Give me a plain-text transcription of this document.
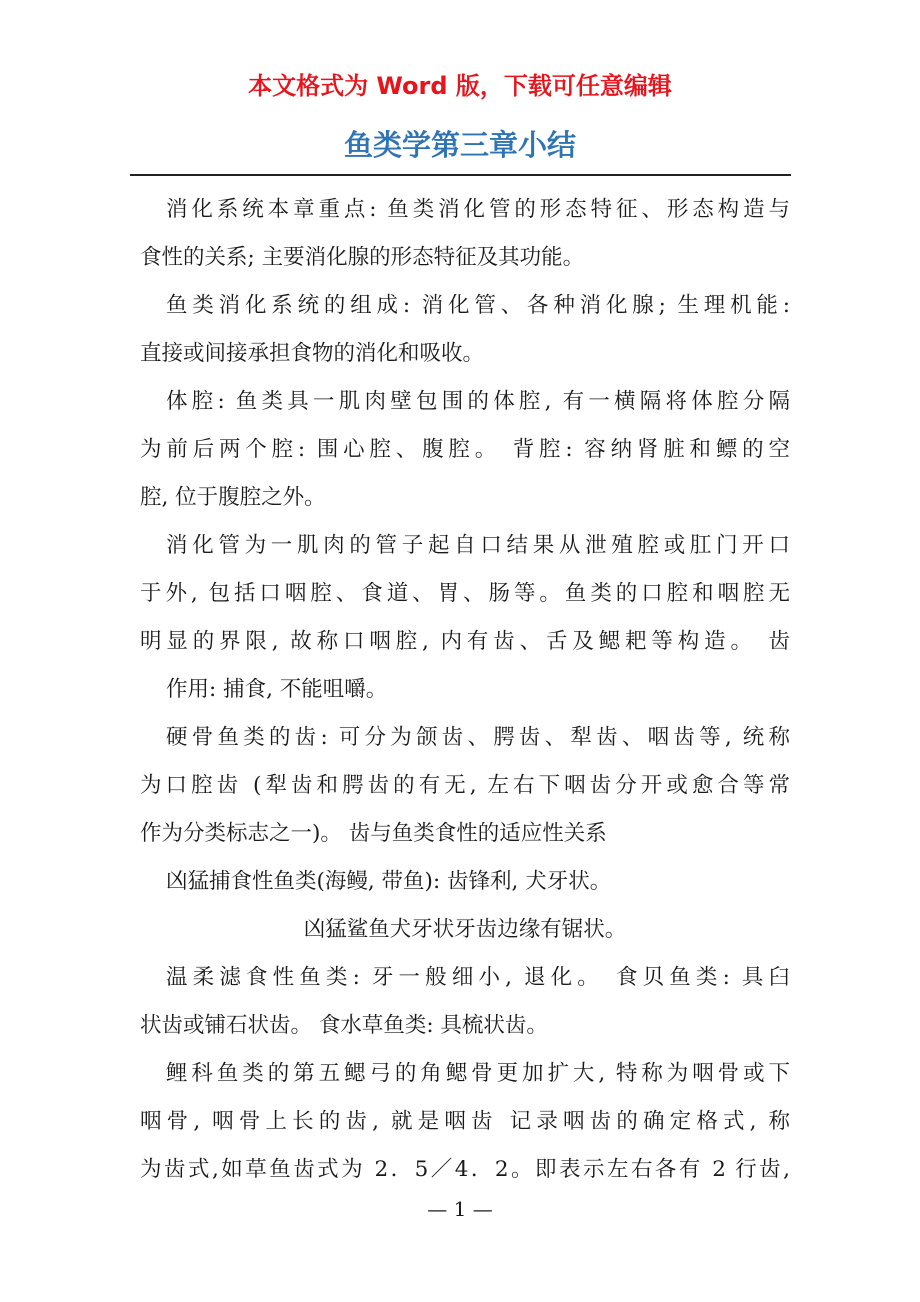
本文格式为 Word 版，下载可任意编辑
鱼类学第三章小结
消化系统本章重点: 鱼类消化管的形态特征、形态构造与
食性的关系; 主要消化腺的形态特征及其功能。
鱼类消化系统的组成: 消化管、各种消化腺; 生理机能:
直接或间接承担食物的消化和吸收。
体腔: 鱼类具一肌肉壁包围的体腔, 有一横隔将体腔分隔
为前后两个腔: 围心腔、腹腔。 背腔: 容纳肾脏和鳔的空
腔, 位于腹腔之外。
消化管为一肌肉的管子起自口结果从泄殖腔或肛门开口
于外, 包括口咽腔、食道、胃、肠等。鱼类的口腔和咽腔无
明显的界限, 故称口咽腔, 内有齿、舌及鳃耙等构造。 齿
作用: 捕食, 不能咀嚼。
硬骨鱼类的齿: 可分为颌齿、腭齿、犁齿、咽齿等, 统称
为口腔齿 (犁齿和腭齿的有无, 左右下咽齿分开或愈合等常
作为分类标志之一)。 齿与鱼类食性的适应性关系
凶猛捕食性鱼类(海鳗, 带鱼): 齿锋利, 犬牙状。
凶猛鲨鱼犬牙状牙齿边缘有锯状。
温柔滤食性鱼类: 牙一般细小, 退化。 食贝鱼类: 具臼
状齿或铺石状齿。 食水草鱼类: 具梳状齿。
鲤科鱼类的第五鳃弓的角鳃骨更加扩大, 特称为咽骨或下
咽骨, 咽骨上长的齿, 就是咽齿 记录咽齿的确定格式, 称
为齿式,如草鱼齿式为 2．5／4．2。即表示左右各有 2 行齿,
— 1 —
